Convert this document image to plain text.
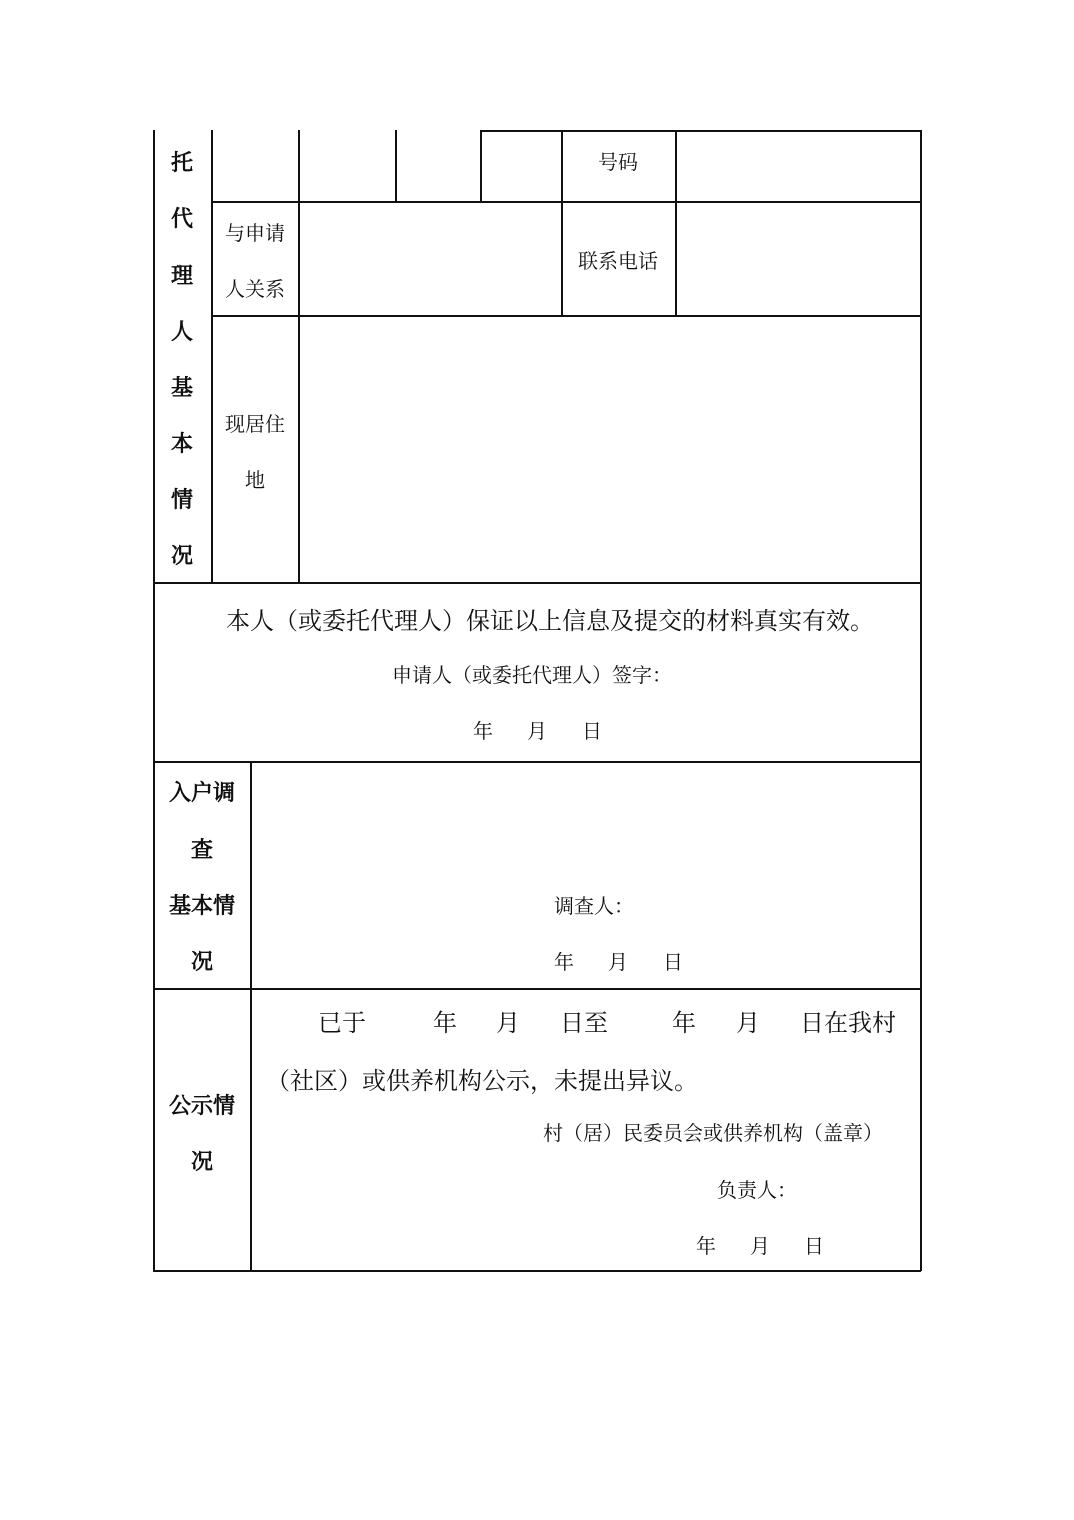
托
代
理
人
基
本
情
况
号码
与申请
人关系
联系电话
现居住
地
本人（或委托代理人）保证以上信息及提交的材料真实有效。
申请人（或委托代理人）签字：
年 月 日
入户调
查
基本情
况
调查人：
年 月 日
公示情
况
已于	年 月 日至	年 月 日在我村
（社区）或供养机构公示，未提出异议。
村（居）民委员会或供养机构（盖章）
负责人：
年 月 日
